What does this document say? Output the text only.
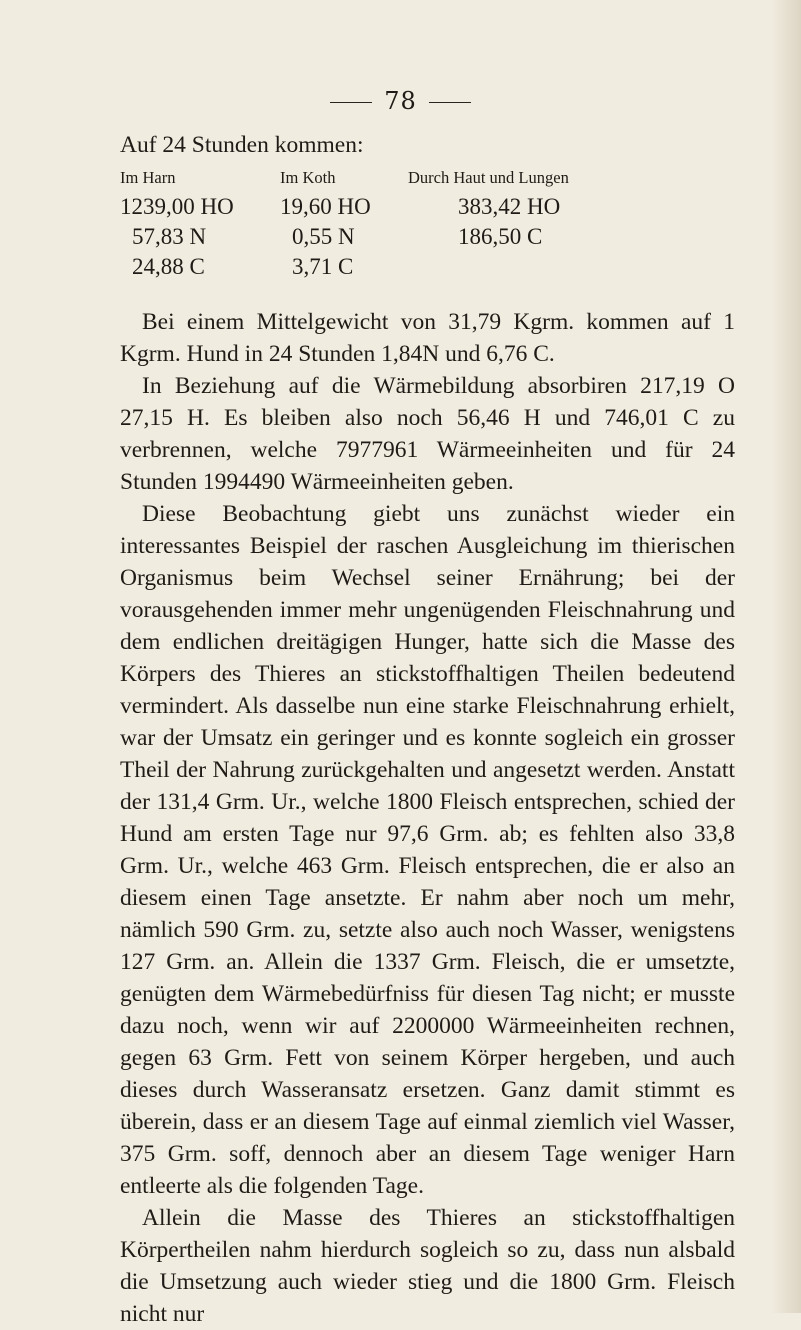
78
Auf 24 Stunden kommen:
Im Harn
1239,00 HO
57,83 N
24,88 C
Im Koth
19,60 HO
0,55 N
3,71 C
Durch Haut und Lungen
383,42 HO
186,50 C

Bei einem Mittelgewicht von 31,79 Kgrm. kommen auf 1 Kgrm. Hund in 24 Stunden 1,84N und 6,76 C.

In Beziehung auf die Wärmebildung absorbiren 217,19 O 27,15 H. Es bleiben also noch 56,46 H und 746,01 C zu verbrennen, welche 7977961 Wärmeeinheiten und für 24 Stunden 1994490 Wärmeeinheiten geben.

Diese Beobachtung giebt uns zunächst wieder ein interessantes Beispiel der raschen Ausgleichung im thierischen Organismus beim Wechsel seiner Ernährung; bei der vorausgehenden immer mehr ungenügenden Fleischnahrung und dem endlichen dreitägigen Hunger, hatte sich die Masse des Körpers des Thieres an stickstoffhaltigen Theilen bedeutend vermindert. Als dasselbe nun eine starke Fleischnahrung erhielt, war der Umsatz ein geringer und es konnte sogleich ein grosser Theil der Nahrung zurückgehalten und angesetzt werden. Anstatt der 131,4 Grm. Ur., welche 1800 Fleisch entsprechen, schied der Hund am ersten Tage nur 97,6 Grm. ab; es fehlten also 33,8 Grm. Ur., welche 463 Grm. Fleisch entsprechen, die er also an diesem einen Tage ansetzte. Er nahm aber noch um mehr, nämlich 590 Grm. zu, setzte also auch noch Wasser, wenigstens 127 Grm. an. Allein die 1337 Grm. Fleisch, die er umsetzte, genügten dem Wärmebedürfniss für diesen Tag nicht; er musste dazu noch, wenn wir auf 2200000 Wärmeeinheiten rechnen, gegen 63 Grm. Fett von seinem Körper hergeben, und auch dieses durch Wasseransatz ersetzen. Ganz damit stimmt es überein, dass er an diesem Tage auf einmal ziemlich viel Wasser, 375 Grm. soff, dennoch aber an diesem Tage weniger Harn entleerte als die folgenden Tage.

Allein die Masse des Thieres an stickstoffhaltigen Körpertheilen nahm hierdurch sogleich so zu, dass nun alsbald die Umsetzung auch wieder stieg und die 1800 Grm. Fleisch nicht nur
